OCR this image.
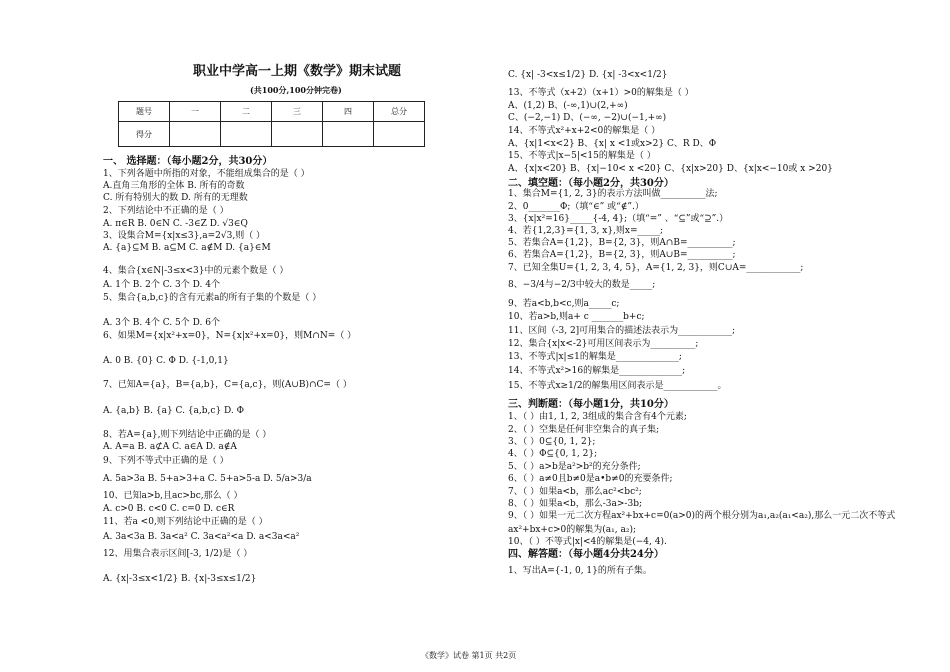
职业中学高一上期《数学》期末试题
(共100分,100分钟完卷)
题号	一	二	三	四	总分
得分					
一、 选择题：（每小题2分，共30分）
1、下列各题中所指的对象，不能组成集合的是（ ）
A.直角三角形的全体 B. 所有的奇数
C. 所有特别大的数 D. 所有的无理数
2、下列结论中不正确的是（ ）
A. π∈R B. 0∈N C. -3∈Z D. √3∈Q
3、设集合M={x|x≤3},a=2√3,则（ ）
A. {a}⊆M B. a⊆M C. a∉M D. {a}∈M
4、集合{x∈N|-3≤x<3}中的元素个数是（ ）
A. 1个 B. 2个 C. 3个 D. 4个
5、集合{a,b,c}的含有元素a的所有子集的个数是（ ）
A. 3个 B. 4个 C. 5个 D. 6个
6、如果M={x|x²+x=0}，N={x|x²+x=0}，则M∩N=（ ）
A. 0 B. {0} C. Φ D. {-1,0,1}
7、已知A={a}，B={a,b}，C={a,c}，则(A∪B)∩C=（ ）
A. {a,b} B. {a} C. {a,b,c} D. Φ
8、若A={a},则下列结论中正确的是（ ）
A. A=a B. a⊄A C. a∈A D. a∉A
9、下列不等式中正确的是（ ）
A. 5a>3a B. 5+a>3+a C. 5+a>5-a D. 5/a>3/a
10、已知a>b,且ac>bc,那么（ ）
A. c>0 B. c<0 C. c=0 D. c∈R
11、若a <0,则下列结论中正确的是（ ）
A. 3a<3a B. 3a<a² C. 3a<a²<a D. a<3a<a²
12、用集合表示区间[-3, 1/2)是（ ）
A. {x|-3≤x<1/2} B. {x|-3≤x≤1/2}
C. {x| -3<x≤1/2} D. {x| -3<x<1/2}
13、不等式（x+2）（x+1）>0的解集是（ ）
A、(1,2) B、(-∞,1)∪(2,+∞)
C、(−2,−1) D、(−∞, −2)∪(−1,+∞)
14、不等式x²+x+2<0的解集是（ ）
A、{x|1<x<2} B、{x| x <1或x>2} C、R D、Φ
15、不等式|x−5|<15的解集是（ ）
A、{x|x<20} B、{x|−10< x <20} C、{x|x>20} D、{x|x<−10或 x >20}
二、填空题：（每小题2分，共30分）
1、集合M={1, 2, 3}的表示方法叫做__________法;
2、0_______Φ;（填“∈” 或“∉”.）
3、{x|x²=16}_____{-4, 4};（填“=” 、“⊆”或“⊇”.）
4、若{1,2,3}={1, 3, x},则x=_____;
5、若集合A={1,2}，B={2, 3}，则A∩B=__________;
6、若集合A={1,2}，B={2, 3}，则A∪B=__________;
7、已知全集U={1, 2, 3, 4, 5}，A={1, 2, 3}，则C∪A=____________;
8、−3/4与−2/3中较大的数是_____;
9、若a<b,b<c,则a_____c;
10、若a>b,则a+ c _______b+c;
11、区间（-3, 2]可用集合的描述法表示为____________;
12、集合{x|x<-2}可用区间表示为__________;
13、不等式|x|≤1的解集是______________;
14、不等式x²>16的解集是______________;
15、不等式x≥1/2的解集用区间表示是____________。
三、判断题：（每小题1分，共10分）
1、（ ）由1, 1, 2, 3组成的集合含有4个元素;
2、（ ）空集是任何非空集合的真子集;
3、（ ）0⊆{0, 1, 2};
4、（ ）Φ⊆{0, 1, 2};
5、（ ）a>b是a²>b²的充分条件;
6、（ ）a≠0且b≠0是a•b≠0的充要条件;
7、（ ）如果a<b，那么ac²<bc²;
8、（ ）如果a<b，那么-3a>-3b;
9、（ ）如果一元二次方程ax²+bx+c=0(a>0)的两个根分别为a₁,a₂(a₁<a₂),那么一元二次不等式
ax²+bx+c>0的解集为(a₁, a₂);
10、（ ）不等式|x|<4的解集是(−4, 4).
四、解答题：（每小题4分共24分）
1、写出A={-1, 0, 1}的所有子集。
《数学》试卷 第1页 共2页
